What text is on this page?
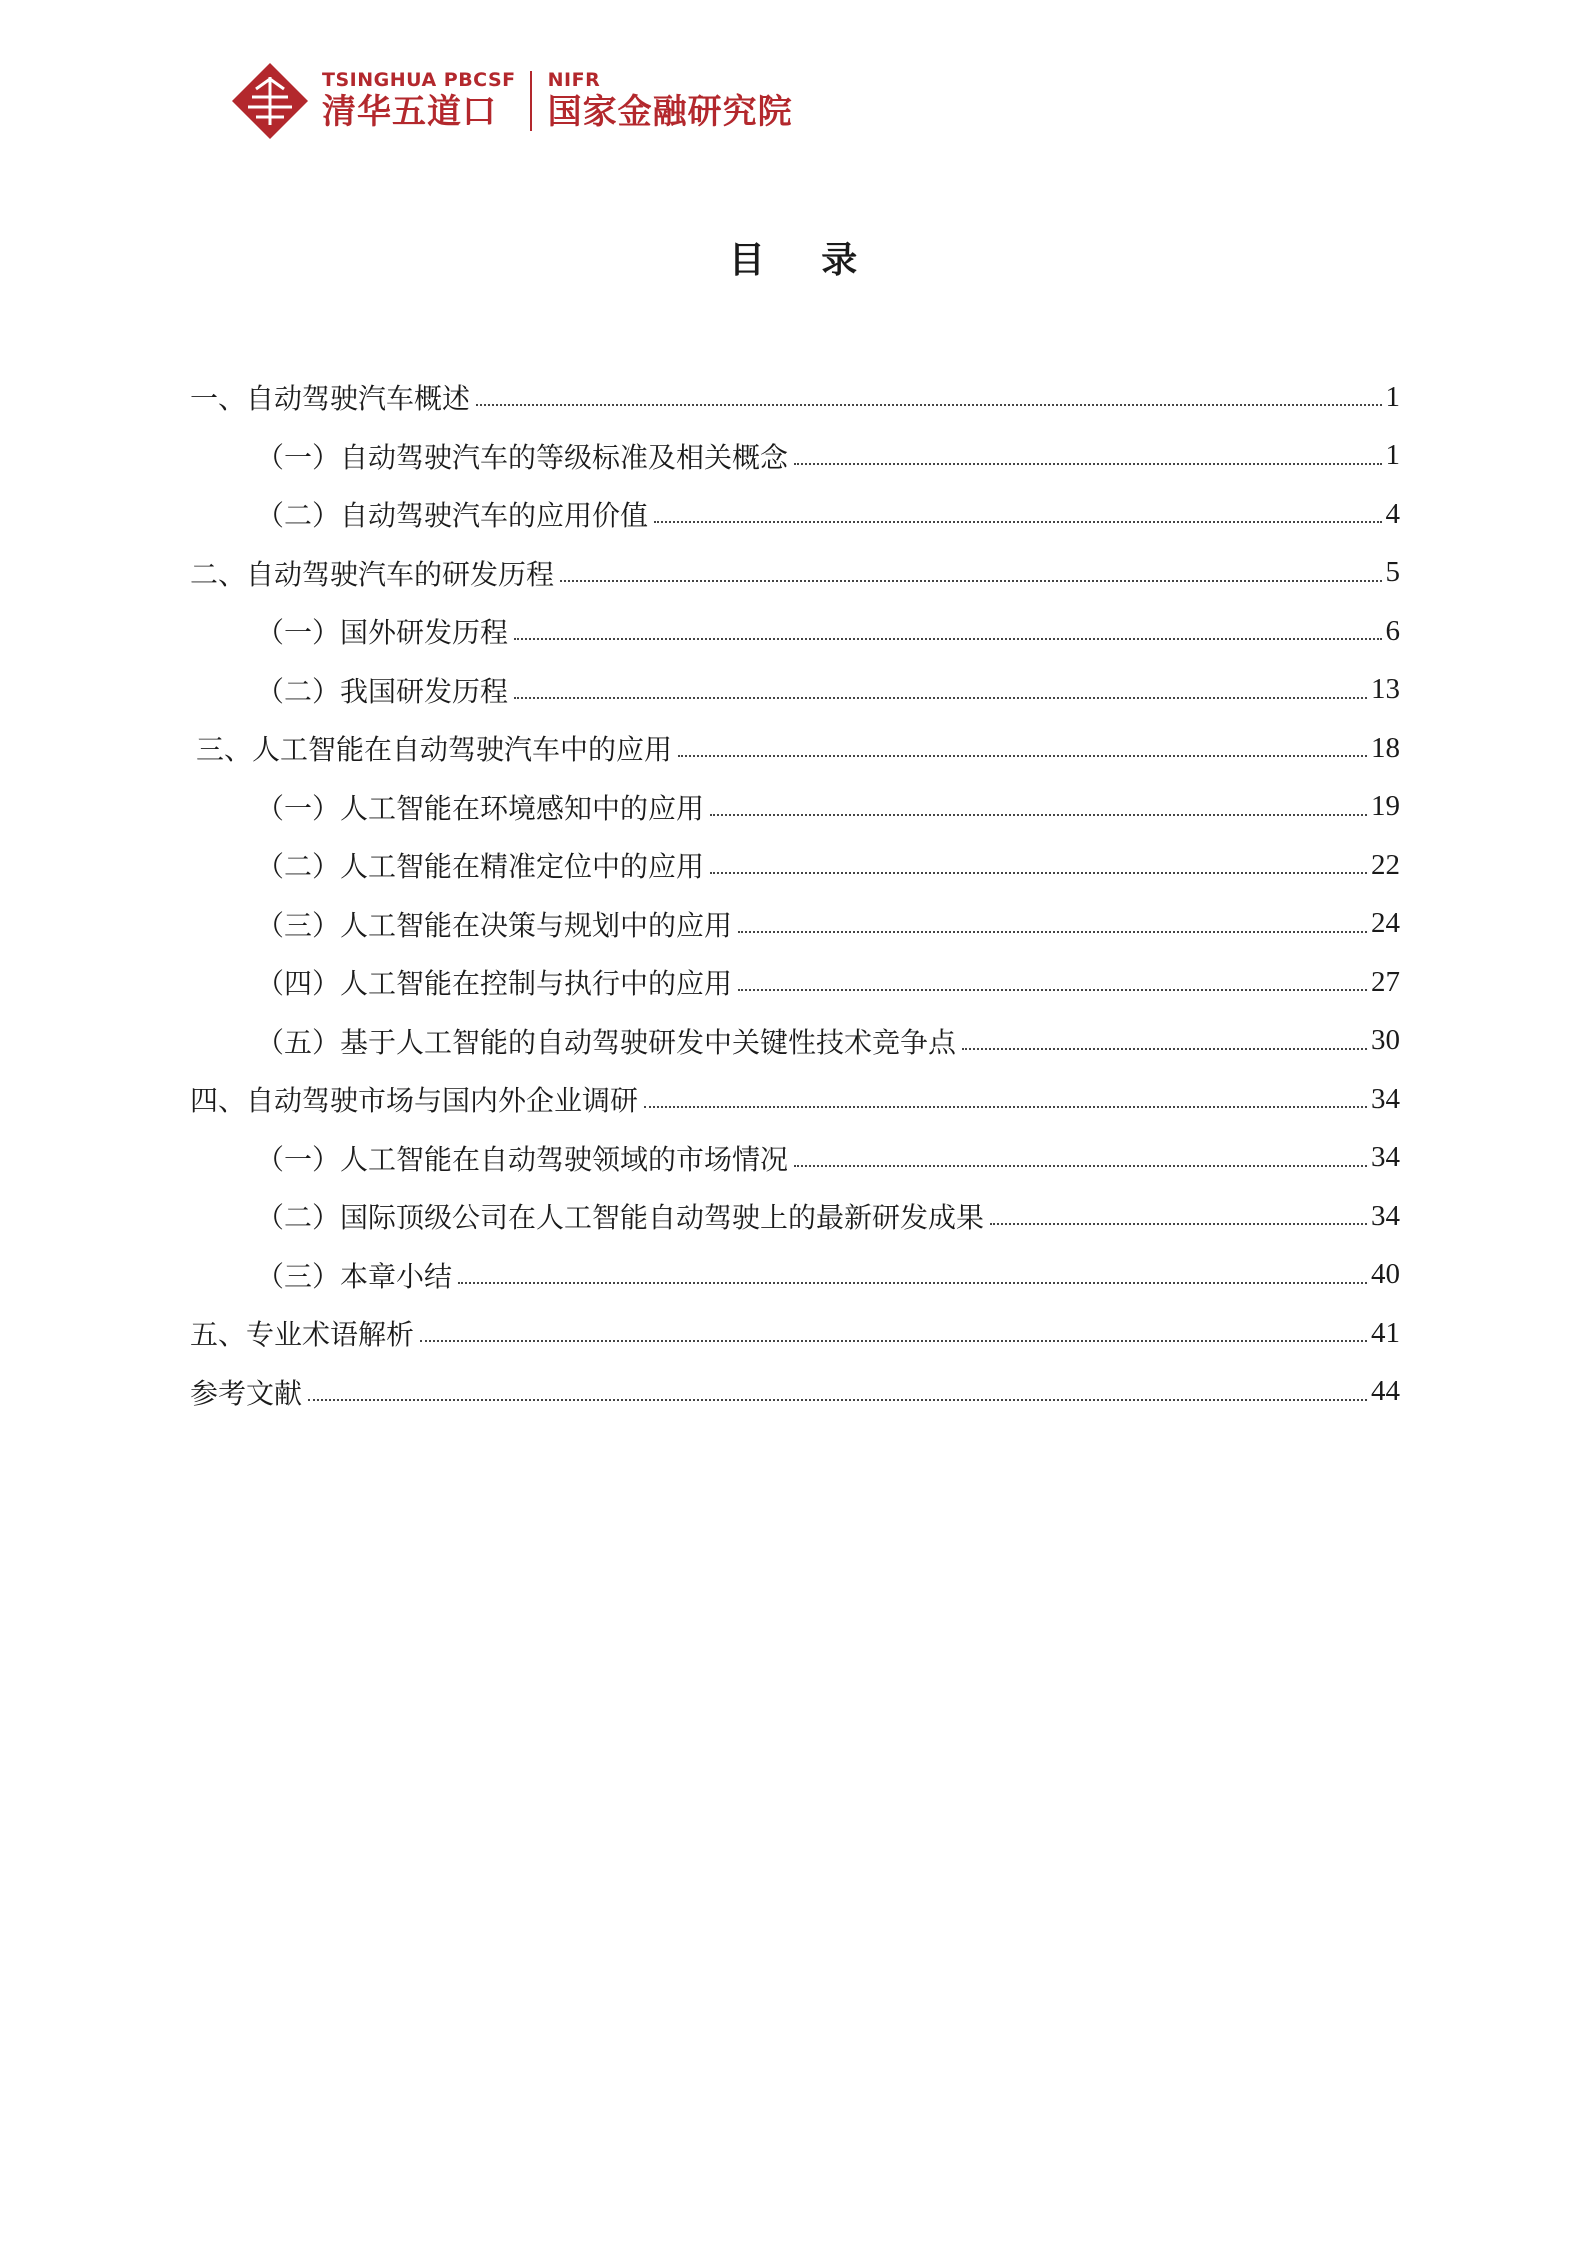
TSINGHUA PBCSF
清华五道口
NIFR
国家金融研究院
目 录
一、自动驾驶汽车概述	1
（一）自动驾驶汽车的等级标准及相关概念	1
（二）自动驾驶汽车的应用价值	4
二、自动驾驶汽车的研发历程	5
（一）国外研发历程	6
（二）我国研发历程	13
三、人工智能在自动驾驶汽车中的应用	18
（一）人工智能在环境感知中的应用	19
（二）人工智能在精准定位中的应用	22
（三）人工智能在决策与规划中的应用	24
（四）人工智能在控制与执行中的应用	27
（五）基于人工智能的自动驾驶研发中关键性技术竞争点	30
四、自动驾驶市场与国内外企业调研	34
（一）人工智能在自动驾驶领域的市场情况	34
（二）国际顶级公司在人工智能自动驾驶上的最新研发成果	34
（三）本章小结	40
五、专业术语解析	41
参考文献	44
